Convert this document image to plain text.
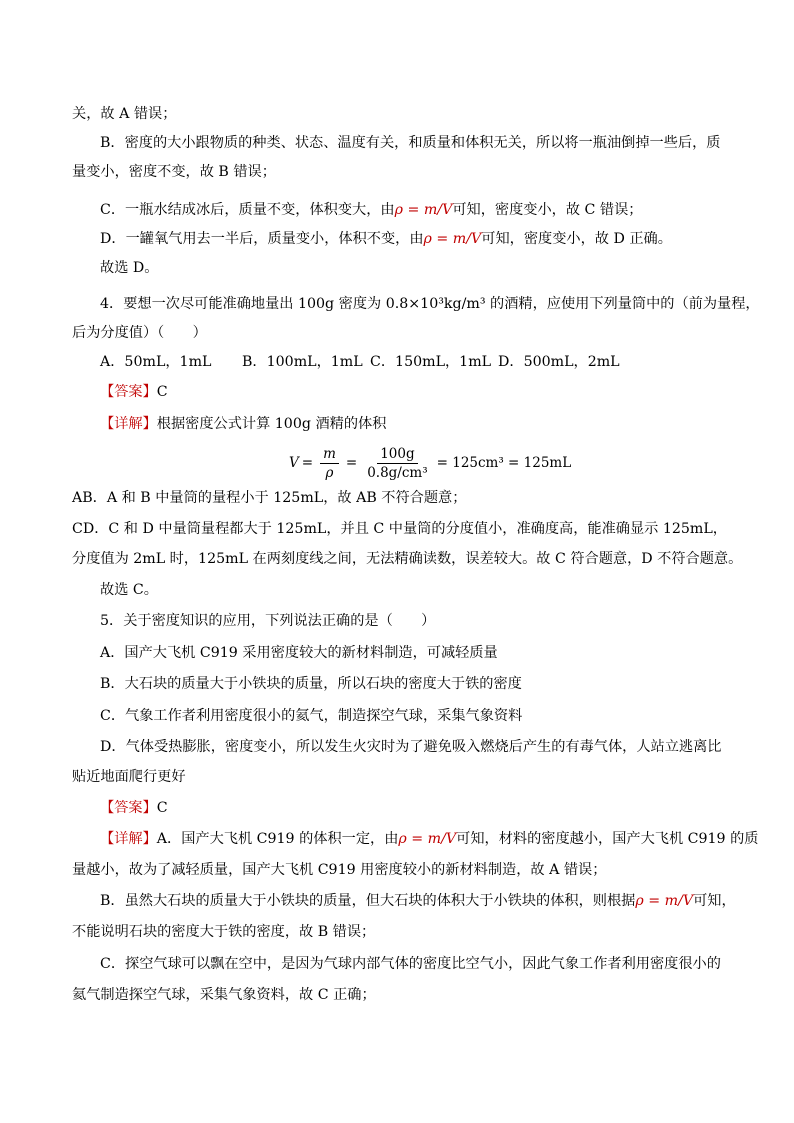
关，故 A 错误；
B．密度的大小跟物质的种类、状态、温度有关，和质量和体积无关，所以将一瓶油倒掉一些后，质
量变小，密度不变，故 B 错误；
C．一瓶水结成冰后，质量不变，体积变大，由ρ = m/V可知，密度变小，故 C 错误；
D．一罐氧气用去一半后，质量变小，体积不变，由ρ = m/V可知，密度变小，故 D 正确。
故选 D。
4．要想一次尽可能准确地量出 100g 密度为 0.8×10³kg/m³ 的酒精，应使用下列量筒中的（前为量程，
后为分度值）（　　）
A．50mL，1mL B．100mL，1mL C．150mL，1mL D．500mL，2mL
【答案】C
【详解】根据密度公式计算 100g 酒精的体积
$V = \frac{m}{\rho} = \frac{100g}{\text{0.8g/cm³}} = 125cm^3 = 125mL$
AB．A 和 B 中量筒的量程小于 125mL，故 AB 不符合题意；
CD．C 和 D 中量筒量程都大于 125mL，并且 C 中量筒的分度值小，准确度高，能准确显示 125mL，
分度值为 2mL 时，125mL 在两刻度线之间，无法精确读数，误差较大。故 C 符合题意，D 不符合题意。
故选 C。
5．关于密度知识的应用，下列说法正确的是（　　）
A．国产大飞机 C919 采用密度较大的新材料制造，可减轻质量
B．大石块的质量大于小铁块的质量，所以石块的密度大于铁的密度
C．气象工作者利用密度很小的氦气，制造探空气球，采集气象资料
D．气体受热膨胀，密度变小，所以发生火灾时为了避免吸入燃烧后产生的有毒气体，人站立逃离比
贴近地面爬行更好
【答案】C
【详解】A．国产大飞机 C919 的体积一定，由ρ = m/V可知，材料的密度越小，国产大飞机 C919 的质
量越小，故为了减轻质量，国产大飞机 C919 用密度较小的新材料制造，故 A 错误；
B．虽然大石块的质量大于小铁块的质量，但大石块的体积大于小铁块的体积，则根据ρ = m/V可知，
不能说明石块的密度大于铁的密度，故 B 错误；
C．探空气球可以飘在空中，是因为气球内部气体的密度比空气小，因此气象工作者利用密度很小的
氦气制造探空气球，采集气象资料，故 C 正确；
